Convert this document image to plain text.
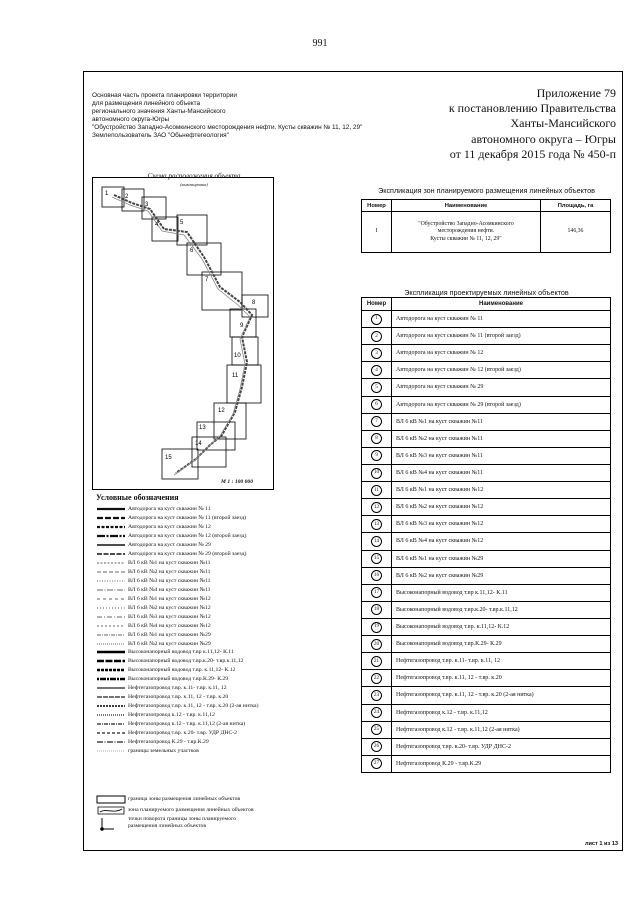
991
Основная часть проекта планировки территории
для размещения линейного объекта
регионального значения Ханты-Мансийского
автономного округа-Югры
"Обустройство Западно-Асомкинского месторождения нефти. Кусты скважин № 11, 12, 29"
Землепользователь ЗАО "Обьнефтегеология"
Приложение 79
к постановлению Правительства
Ханты-Мансийского
автономного округа – Югры
от 11 декабря 2015 года № 450-п
1	2
3
4	5
6
7
8
9
10
11
12
13
14
15
Схема расположения объекта
(выкопировка)
М 1 : 100 000
Экспликация зон планируемого размещения линейных объектов
Номер	Наименование	Площадь, га
I	"Обустройство Западно-Асомкинского
месторождения нефти.
Кусты скважин № 11, 12, 29"	146,36
Экспликация проектируемых линейных объектов
Номер	Наименование
1	Автодорога на куст скважин № 11
2	Автодорога на куст скважин № 11 (второй заезд)
3	Автодорога на куст скважин № 12
4	Автодорога на куст скважин № 12 (второй заезд)
5	Автодорога на куст скважин № 29
6	Автодорога на куст скважин № 29 (второй заезд)
7	ВЛ 6 кВ №1 на куст скважин №11
8	ВЛ 6 кВ №2 на куст скважин №11
9	ВЛ 6 кВ №3 на куст скважин №11
10	ВЛ 6 кВ №4 на куст скважин №11
11	ВЛ 6 кВ №1 на куст скважин №12
12	ВЛ 6 кВ №2 на куст скважин №12
13	ВЛ 6 кВ №3 на куст скважин №12
14	ВЛ 6 кВ №4 на куст скважин №12
15	ВЛ 6 кВ №1 на куст скважин №29
16	ВЛ 6 кВ №2 на куст скважин №29
17	Высоконапорный водовод т.вр к.11,12- К.11
18	Высоконапорный водовод т.вр.к.20- т.вр.к.11,12
19	Высоконапорный водовод т.вр. к.11,12- К.12
20	Высоконапорный водовод т.вр.К.29- К.29
21	Нефтегазопровод т.вр. к.11- т.вр. к.11, 12
22	Нефтегазопровод т.вр. к.11, 12 - т.вр. к.20
23	Нефтегазопровод т.вр. к.11, 12 - т.вр. к.20 (2-ая нитка)
24	Нефтегазопровод к.12 - т.вр. к.11,12
25	Нефтегазопровод к.12 - т.вр. к.11,12 (2-ая нитка)
26	Нефтегазопровод т.вр. к.20- т.вр. УДР ДНС-2
27	Нефтегазопровод К.29 - т.вр.К.29
Условные обозначения
Автодорога на куст скважин № 11
Автодорога на куст скважин № 11 (второй заезд)
Автодорога на куст скважин № 12
Автодорога на куст скважин № 12 (второй заезд)
Автодорога на куст скважин № 29
Автодорога на куст скважин № 29 (второй заезд)
ВЛ 6 кВ №1 на куст скважин №11
ВЛ 6 кВ №2 на куст скважин №11
ВЛ 6 кВ №3 на куст скважин №11
ВЛ 6 кВ №4 на куст скважин №11
ВЛ 6 кВ №1 на куст скважин №12
ВЛ 6 кВ №2 на куст скважин №12
ВЛ 6 кВ №3 на куст скважин №12
ВЛ 6 кВ №4 на куст скважин №12
ВЛ 6 кВ №1 на куст скважин №29
ВЛ 6 кВ №2 на куст скважин №29
Высоконапорный водовод т.вр к.11,12- К.11
Высоконапорный водовод т.вр.к.20- т.вр.к.11,12
Высоконапорный водовод т.вр. к.11,12- К.12
Высоконапорный водовод т.вр.К.29- К.29
Нефтегазопровод т.вр. к.11- т.вр. к.11, 12
Нефтегазопровод т.вр. к.11, 12 - т.вр. к.20
Нефтегазопровод т.вр. к.11, 12 - т.вр. к.20 (2-ая нитка)
Нефтегазопровод к.12 - т.вр. к.11,12
Нефтегазопровод к.12 - т.вр. к.11,12 (2-ая нитка)
Нефтегазопровод т.вр. к.20- т.вр. УДР ДНС-2
Нефтегазопровод К.29 - т.вр.К.29
границы земельных участков
граница зоны размещения линейных объектов
зона планируемого размещения линейных объектов
точки поворота границы зоны планируемого
размещения линейных объектов
лист 1 из 13
